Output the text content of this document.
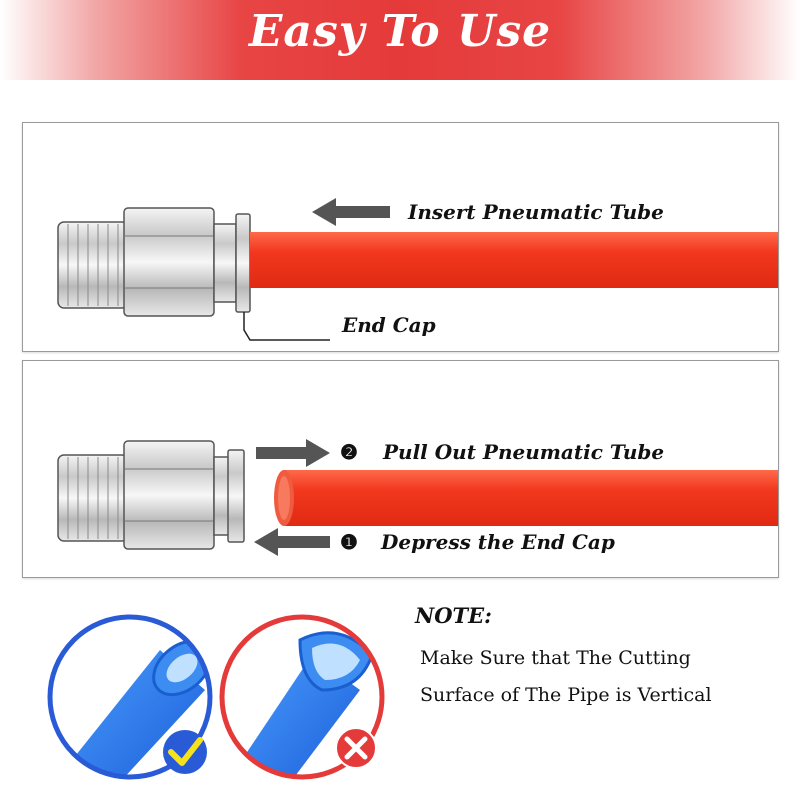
Easy To Use
Insert Pneumatic Tube
End Cap
❷ Pull Out Pneumatic Tube
❶ Depress the End Cap
NOTE:
Make Sure that The Cutting
Surface of The Pipe is Vertical
